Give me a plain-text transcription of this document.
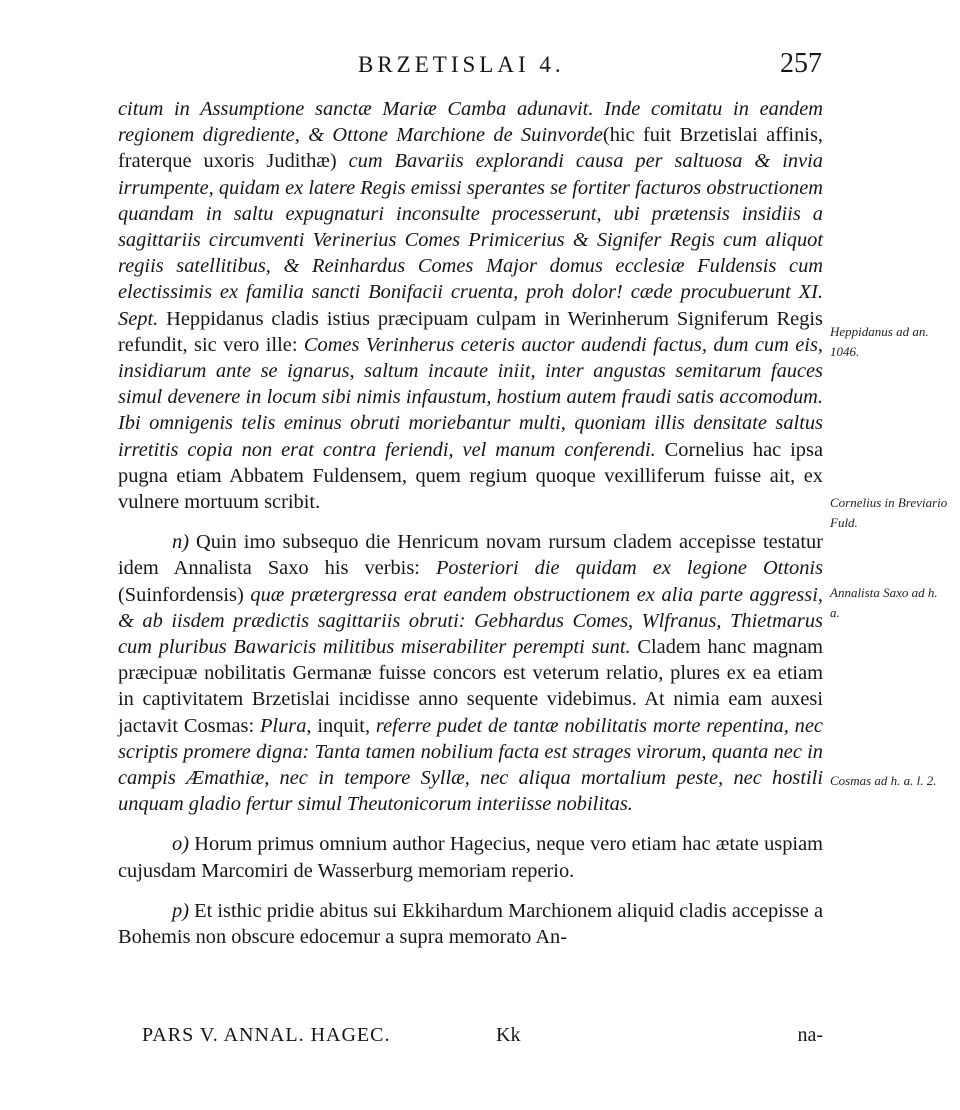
BRZETISLAI 4.	257

citum in Assumptione sanctæ Mariæ Camba adunavit. Inde comitatu in eandem regionem digrediente, & Ottone Marchione de Suinvorde(hic fuit Brzetislai affinis, fraterque uxoris Judithæ) cum Bavariis explorandi causa per saltuosa & invia irrumpente, quidam ex latere Regis emissi sperantes se fortiter facturos obstructionem quandam in saltu expugnaturi inconsulte processerunt, ubi prætensis insidiis a sagittariis circumventi Verinerius Comes Primicerius & Signifer Regis cum aliquot regiis satellitibus, & Reinhardus Comes Major domus ecclesiæ Fuldensis cum electissimis ex familia sancti Bonifacii cruenta, proh dolor! cæde procubuerunt XI. Sept. Heppidanus cladis istius præcipuam culpam in Werinherum Signiferum Regis refundit, sic vero ille: Comes Verinherus ceteris auctor audendi factus, dum cum eis, insidiarum ante se ignarus, saltum incaute iniit, inter angustas semitarum fauces simul devenere in locum sibi nimis infaustum, hostium autem fraudi satis accomodum. Ibi omnigenis telis eminus obruti moriebantur multi, quoniam illis densitate saltus irretitis copia non erat contra feriendi, vel manum conferendi. Cornelius hac ipsa pugna etiam Abbatem Fuldensem, quem regium quoque vexilliferum fuisse ait, ex vulnere mortuum scribit.

n) Quin imo subsequo die Henricum novam rursum cladem accepisse testatur idem Annalista Saxo his verbis: Posteriori die quidam ex legione Ottonis (Suinfordensis) quæ prætergressa erat eandem obstructionem ex alia parte aggressi, & ab iisdem prædictis sagittariis obruti: Gebhardus Comes, Wlfranus, Thietmarus cum pluribus Bawaricis militibus miserabiliter perempti sunt. Cladem hanc magnam præcipuæ nobilitatis Germanæ fuisse concors est veterum relatio, plures ex ea etiam in captivitatem Brzetislai incidisse anno sequente videbimus. At nimia eam auxesi jactavit Cosmas: Plura, inquit, referre pudet de tantæ nobilitatis morte repentina, nec scriptis promere digna: Tanta tamen nobilium facta est strages virorum, quanta nec in campis Æmathiæ, nec in tempore Syllæ, nec aliqua mortalium peste, nec hostili unquam gladio fertur simul Theutonicorum interiisse nobilitas.

o) Horum primus omnium author Hagecius, neque vero etiam hac ætate uspiam cujusdam Marcomiri de Wasserburg memoriam reperio.

p) Et isthic pridie abitus sui Ekkihardum Marchionem aliquid cladis accepisse a Bohemis non obscure edocemur a supra memorato An-

Heppidanus ad an. 1046.
Cornelius in Breviario Fuld.
Annalista Saxo ad h. a.
Cosmas ad h. a. l. 2.
PARS V. ANNAL. HAGEC.	Kk	na-
